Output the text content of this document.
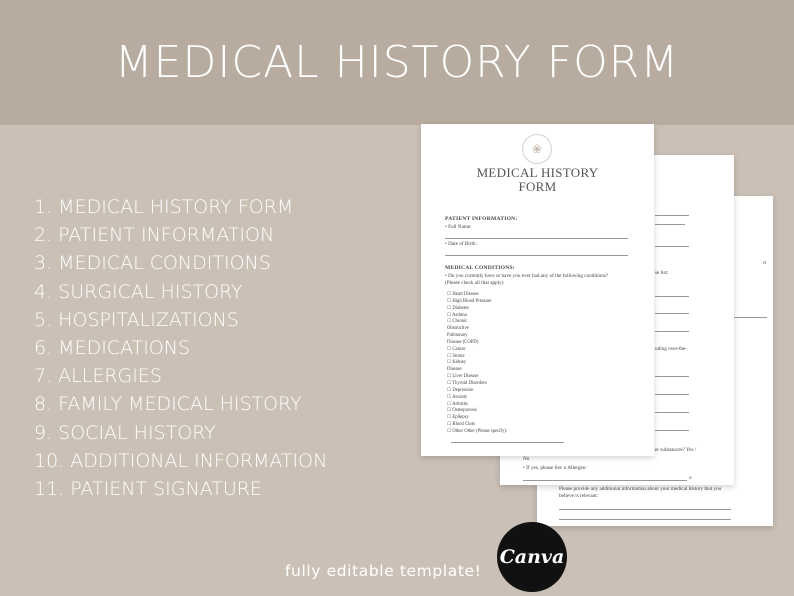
MEDICAL HISTORY FORM
1. MEDICAL HISTORY FORM
2. PATIENT INFORMATION
3. MEDICAL CONDITIONS
4. SURGICAL HISTORY
5. HOSPITALIZATIONS
6. MEDICATIONS
7. ALLERGIES
8. FAMILY MEDICAL HISTORY
9. SOCIAL HISTORY
10. ADDITIONAL INFORMATION
11. PATIENT SIGNATURE
rt
Please provide any additional information about your medical history that you
believe is relevant:
se list:
uding over-the-
er substances? Yes /
No
• If yes, please list: o Allergen:
o
❀
MEDICAL HISTORY
FORM
PATIENT INFORMATION:
• Full Name:
• Date of Birth:
MEDICAL CONDITIONS:
• Do you currently have or have you ever had any of the following conditions?
(Please check all that apply)
☐ Heart Disease
☐ High Blood Pressure
☐ Diabetes
☐ Asthma
☐ Chronic
Obstructive
Pulmonary
Disease (COPD)
☐ Cancer
☐ Stroke
☐ Kidney
Disease
☐ Liver Disease
☐ Thyroid Disorders
☐ Depression
☐ Anxiety
☐ Arthritis
☐ Osteoporosis
☐ Epilepsy
☐ Blood Clots
☐ Other Other (Please specify):
Canva
fully editable template!
